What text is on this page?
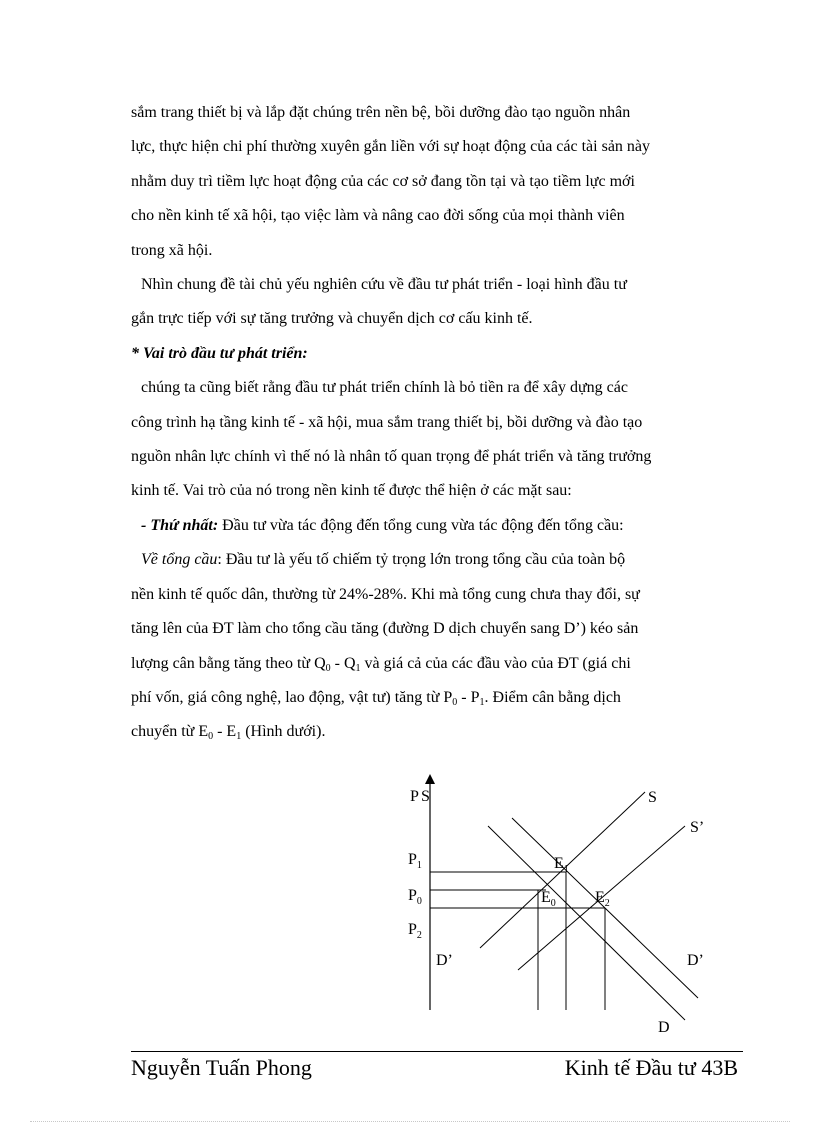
sắm trang thiết bị và lắp đặt chúng trên nền bệ, bồi dưỡng đào tạo nguồn nhân
lực, thực hiện chi phí thường xuyên gắn liền với sự hoạt động của các tài sản này
nhằm duy trì tiềm lực hoạt động của các cơ sở đang tồn tại và tạo tiềm lực mới
cho nền kinh tế xã hội, tạo việc làm và nâng cao đời sống của mọi thành viên
trong xã hội.
Nhìn chung đề tài chủ yếu nghiên cứu về đầu tư phát triển - loại hình đầu tư
gắn trực tiếp với sự tăng trưởng và chuyển dịch cơ cấu kinh tế.
* Vai trò đầu tư phát triển:
chúng ta cũng biết rằng đầu tư phát triển chính là bỏ tiền ra để xây dựng các
công trình hạ tầng kinh tế - xã hội, mua sắm trang thiết bị, bồi dưỡng và đào tạo
nguồn nhân lực chính vì thế nó là nhân tố quan trọng để phát triển và tăng trưởng
kinh tế. Vai trò của nó trong nền kinh tế được thể hiện ở các mặt sau:
- Thứ nhất: Đầu tư vừa tác động đến tổng cung vừa tác động đến tổng cầu:
Về tổng cầu: Đầu tư là yếu tố chiếm tỷ trọng lớn trong tổng cầu của toàn bộ
nền kinh tế quốc dân, thường từ 24%-28%. Khi mà tổng cung chưa thay đổi, sự
tăng lên của ĐT làm cho tổng cầu tăng (đường D dịch chuyển sang D’) kéo sản
lượng cân bằng tăng theo từ $Q_0 - Q_1$ và giá cả của các đầu vào của ĐT (giá chi
phí vốn, giá công nghệ, lao động, vật tư) tăng từ $P_0 - P_1$. Điểm cân bằng dịch
chuyển từ $E_0 - E_1$ (Hình dưới).
P S
$P_1$
$P_0$
$P_2$
S
S’
D’	D’
D
$E_1$
$E_0$ $E_2$
Nguyễn Tuấn Phong	Kinh tế Đầu tư 43B
